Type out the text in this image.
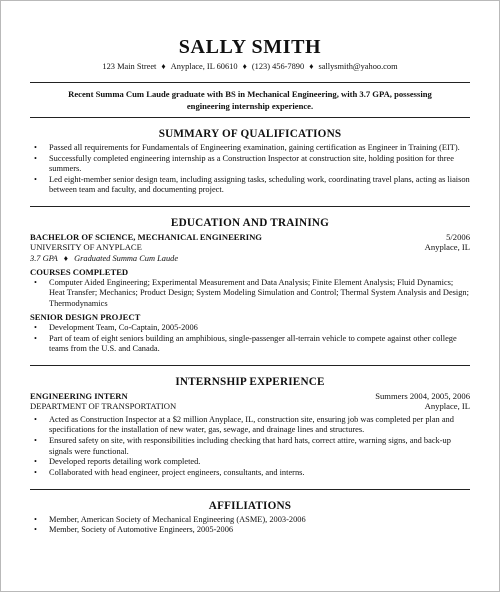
SALLY SMITH
123 Main Street ♦ Anyplace, IL 60610 ♦ (123) 456-7890 ♦ sallysmith@yahoo.com
Recent Summa Cum Laude graduate with BS in Mechanical Engineering, with 3.7 GPA, possessing engineering internship experience.
SUMMARY OF QUALIFICATIONS
• Passed all requirements for Fundamentals of Engineering examination, gaining certification as Engineer in Training (EIT).
• Successfully completed engineering internship as a Construction Inspector at construction site, holding position for three summers.
• Led eight-member senior design team, including assigning tasks, scheduling work, coordinating travel plans, acting as liaison between team and faculty, and documenting project.
EDUCATION AND TRAINING
BACHELOR OF SCIENCE, MECHANICAL ENGINEERING	5/2006
UNIVERSITY OF ANYPLACE	Anyplace, IL
3.7 GPA ♦ Graduated Summa Cum Laude
COURSES COMPLETED
• Computer Aided Engineering; Experimental Measurement and Data Analysis; Finite Element Analysis; Fluid Dynamics; Heat Transfer; Mechanics; Product Design; System Modeling Simulation and Control; Thermal System Analysis and Design; Thermodynamics
SENIOR DESIGN PROJECT
• Development Team, Co-Captain, 2005-2006
• Part of team of eight seniors building an amphibious, single-passenger all-terrain vehicle to compete against other college teams from the U.S. and Canada.
INTERNSHIP EXPERIENCE
ENGINEERING INTERN	Summers 2004, 2005, 2006
DEPARTMENT OF TRANSPORTATION	Anyplace, IL
• Acted as Construction Inspector at a $2 million Anyplace, IL, construction site, ensuring job was completed per plan and specifications for the installation of new water, gas, sewage, and drainage lines and structures.
• Ensured safety on site, with responsibilities including checking that hard hats, correct attire, warning signs, and back-up signals were functional.
• Developed reports detailing work completed.
• Collaborated with head engineer, project engineers, consultants, and interns.
AFFILIATIONS
• Member, American Society of Mechanical Engineering (ASME), 2003-2006
• Member, Society of Automotive Engineers, 2005-2006
